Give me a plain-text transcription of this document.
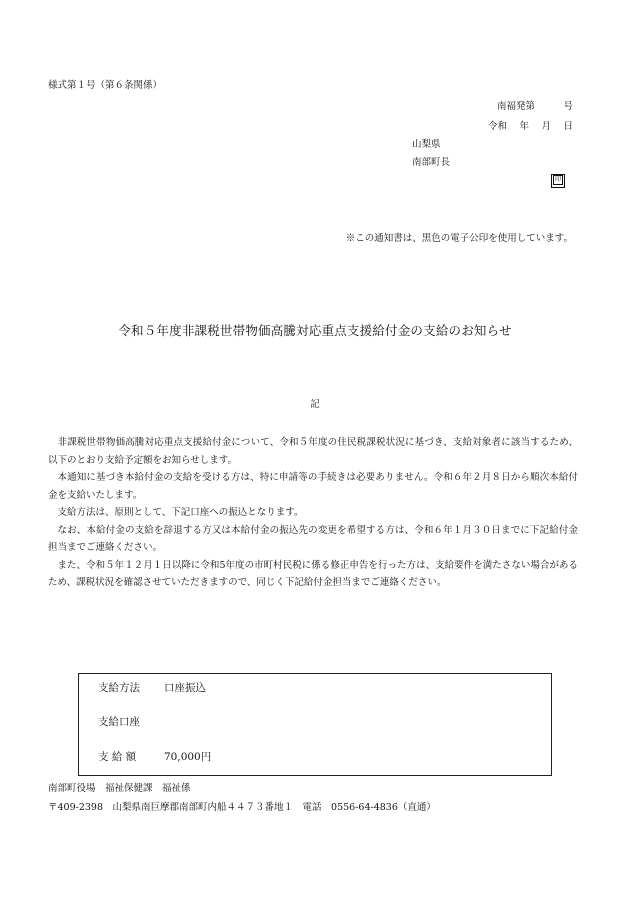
様式第１号（第６条関係）
南福発第　　　号
令和　 年　 月　 日
山梨県
南部町長
印
※この通知書は、黒色の電子公印を使用しています。
令和５年度非課税世帯物価高騰対応重点支援給付金の支給のお知らせ
記

非課税世帯物価高騰対応重点支援給付金について、令和５年度の住民税課税状況に基づき、支給対象者に該当するため、以下のとおり支給予定額をお知らせします。

本通知に基づき本給付金の支給を受ける方は、特に申請等の手続きは必要ありません。令和６年２月８日から順次本給付金を支給いたします。

支給方法は、原則として、下記口座への振込となります。

なお、本給付金の支給を辞退する方又は本給付金の振込先の変更を希望する方は、令和６年１月３０日までに下記給付金担当までご連絡ください。

また、令和５年１２月１日以降に令和5年度の市町村民税に係る修正申告を行った方は、支給要件を満たさない場合があるため、課税状況を確認させていただきますので、同じく下記給付金担当までご連絡ください。

支給方法 口座振込
支給口座
支 給 額	70,000円
南部町役場　福祉保健課　福祉係
〒409-2398　山梨県南巨摩郡南部町内船４４７３番地１　電話　0556-64-4836（直通）
